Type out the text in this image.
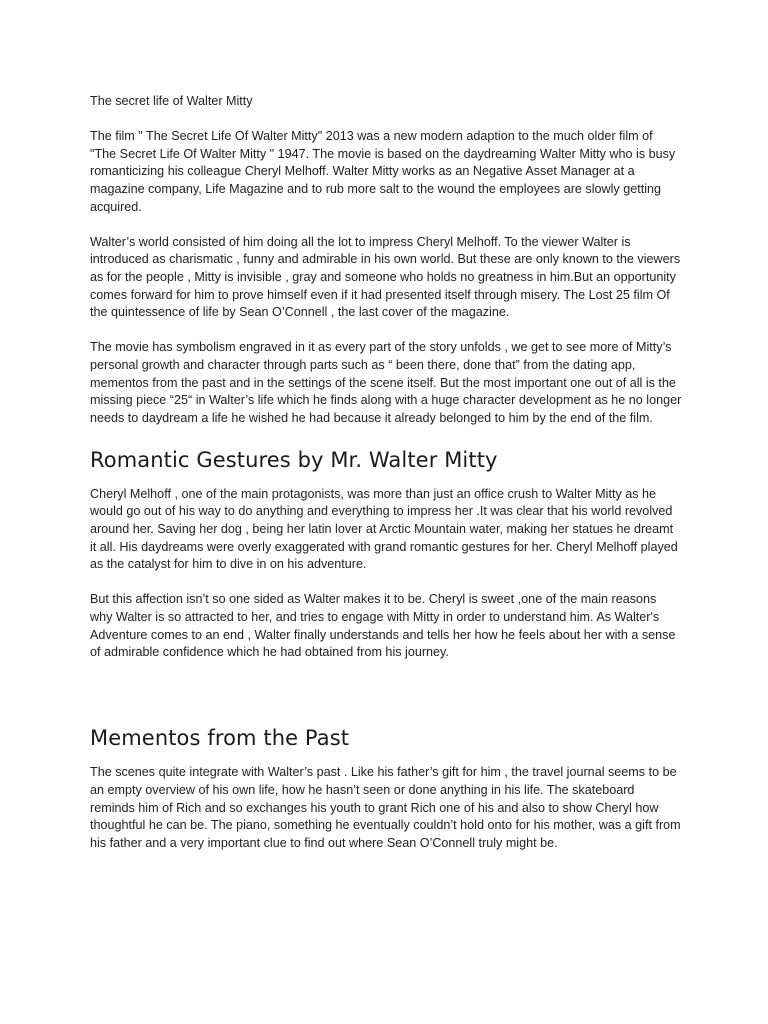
The secret life of Walter Mitty

The film " The Secret Life Of Walter Mitty" 2013 was a new modern adaption to the much older film of "The Secret Life Of Walter Mitty " 1947. The movie is based on the daydreaming Walter Mitty who is busy romanticizing his colleague Cheryl Melhoff. Walter Mitty works as an Negative Asset Manager at a magazine company, Life Magazine and to rub more salt to the wound the employees are slowly getting acquired.

Walter’s world consisted of him doing all the lot to impress Cheryl Melhoff. To the viewer Walter is introduced as charismatic , funny and admirable in his own world. But these are only known to the viewers as for the people , Mitty is invisible , gray and someone who holds no greatness in him.But an opportunity comes forward for him to prove himself even if it had presented itself through misery. The Lost 25 film Of the quintessence of life by Sean O’Connell , the last cover of the magazine.

The movie has symbolism engraved in it as every part of the story unfolds , we get to see more of Mitty’s personal growth and character through parts such as “ been there, done that” from the dating app, mementos from the past and in the settings of the scene itself. But the most important one out of all is the missing piece “25“ in Walter’s life which he finds along with a huge character development as he no longer needs to daydream a life he wished he had because it already belonged to him by the end of the film.

Romantic Gestures by Mr. Walter Mitty

Cheryl Melhoff , one of the main protagonists, was more than just an office crush to Walter Mitty as he would go out of his way to do anything and everything to impress her .It was clear that his world revolved around her. Saving her dog , being her latin lover at Arctic Mountain water, making her statues he dreamt it all. His daydreams were overly exaggerated with grand romantic gestures for her. Cheryl Melhoff played as the catalyst for him to dive in on his adventure.

But this affection isn’t so one sided as Walter makes it to be. Cheryl is sweet ,one of the main reasons why Walter is so attracted to her, and tries to engage with Mitty in order to understand him. As Walter's Adventure comes to an end , Walter finally understands and tells her how he feels about her with a sense of admirable confidence which he had obtained from his journey.

Mementos from the Past

The scenes quite integrate with Walter’s past . Like his father’s gift for him , the travel journal seems to be an empty overview of his own life, how he hasn’t seen or done anything in his life. The skateboard reminds him of Rich and so exchanges his youth to grant Rich one of his and also to show Cheryl how thoughtful he can be. The piano, something he eventually couldn’t hold onto for his mother, was a gift from his father and a very important clue to find out where Sean O’Connell truly might be.
